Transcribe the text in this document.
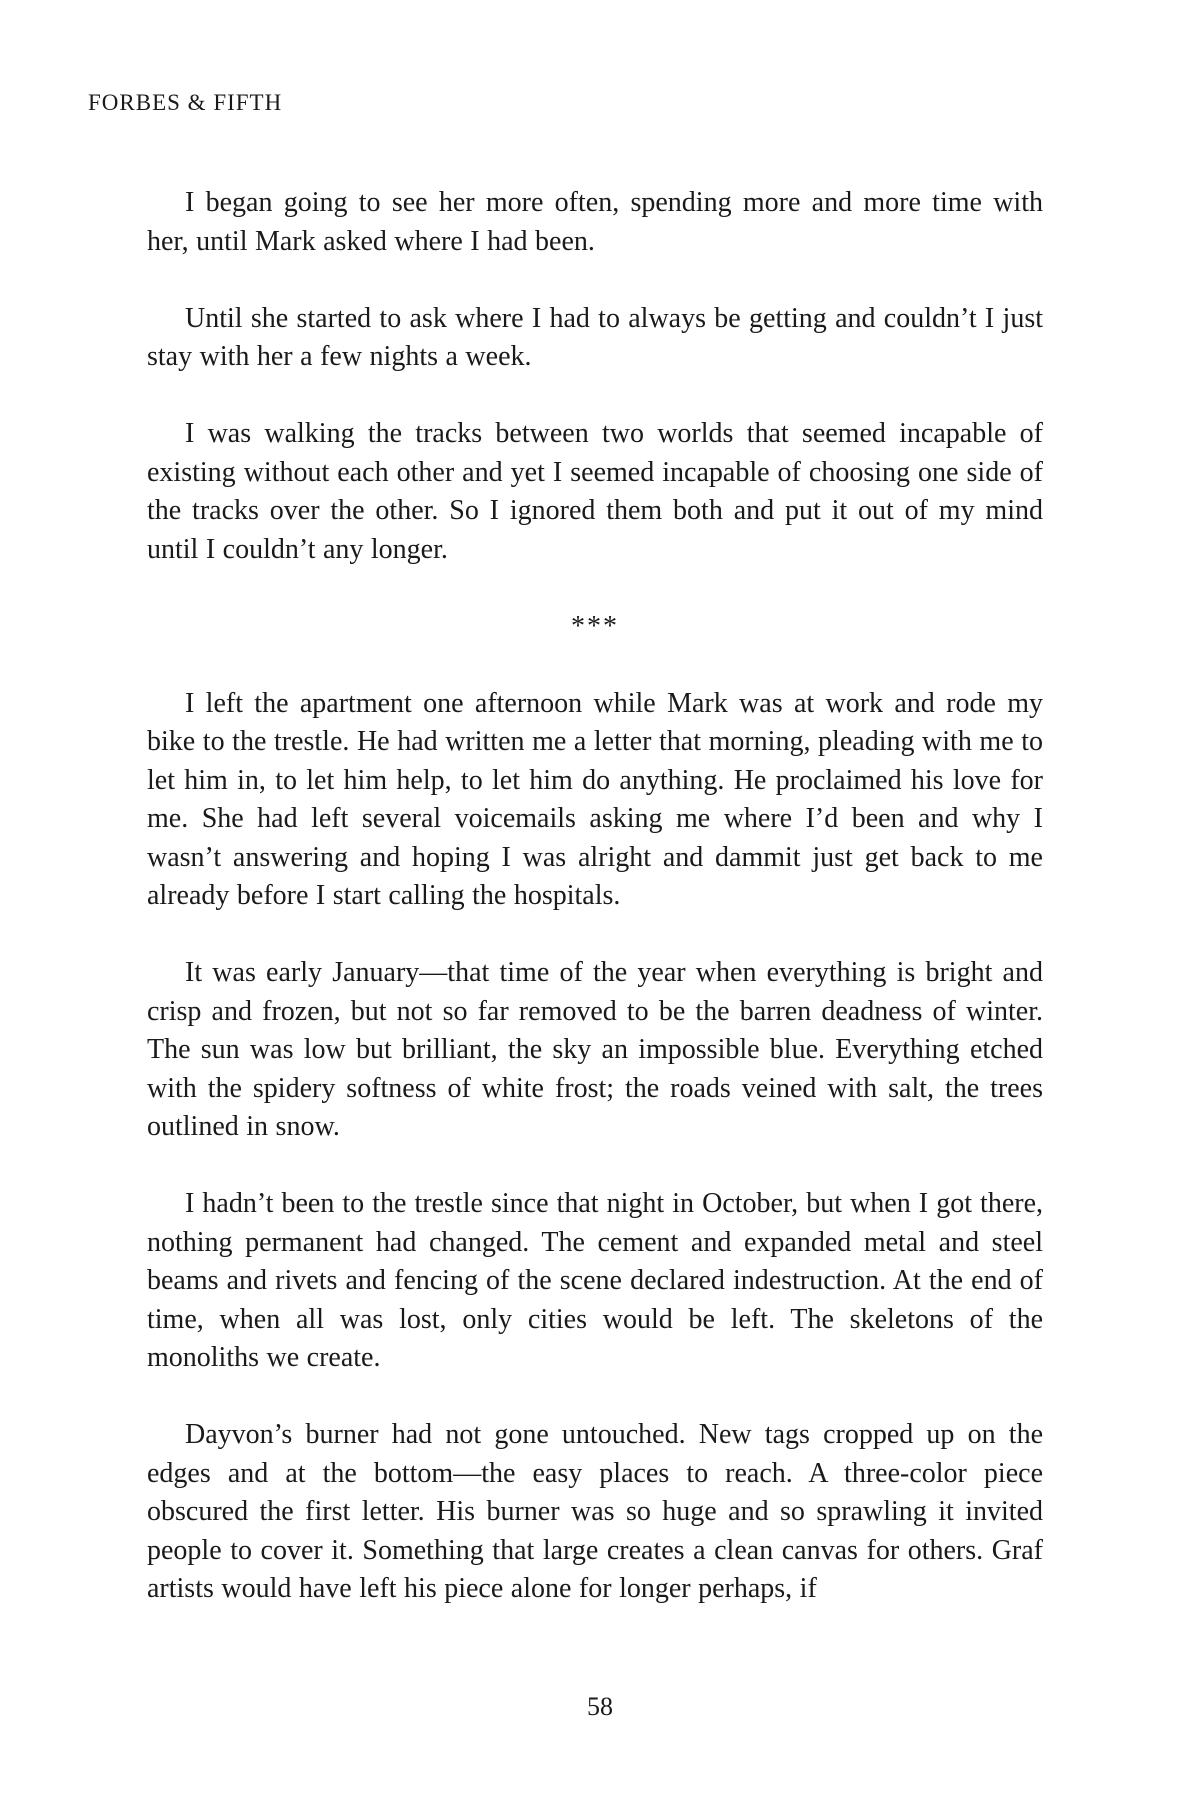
FORBES & FIFTH

I began going to see her more often, spending more and more time with her, until Mark asked where I had been.

Until she started to ask where I had to always be getting and couldn’t I just stay with her a few nights a week.

I was walking the tracks between two worlds that seemed incapable of existing without each other and yet I seemed incapable of choosing one side of the tracks over the other. So I ignored them both and put it out of my mind until I couldn’t any longer.

***

I left the apartment one afternoon while Mark was at work and rode my bike to the trestle. He had written me a letter that morning, pleading with me to let him in, to let him help, to let him do anything. He proclaimed his love for me. She had left several voicemails asking me where I’d been and why I wasn’t answering and hoping I was alright and dammit just get back to me already before I start calling the hospitals.

It was early January—that time of the year when everything is bright and crisp and frozen, but not so far removed to be the barren deadness of winter. The sun was low but brilliant, the sky an impossible blue. Everything etched with the spidery softness of white frost; the roads veined with salt, the trees outlined in snow.

I hadn’t been to the trestle since that night in October, but when I got there, nothing permanent had changed. The cement and expanded metal and steel beams and rivets and fencing of the scene declared indestruction. At the end of time, when all was lost, only cities would be left. The skeletons of the monoliths we create.

Dayvon’s burner had not gone untouched. New tags cropped up on the edges and at the bottom—the easy places to reach. A three-color piece obscured the first letter. His burner was so huge and so sprawling it invited people to cover it. Something that large creates a clean canvas for others. Graf artists would have left his piece alone for longer perhaps, if

58
